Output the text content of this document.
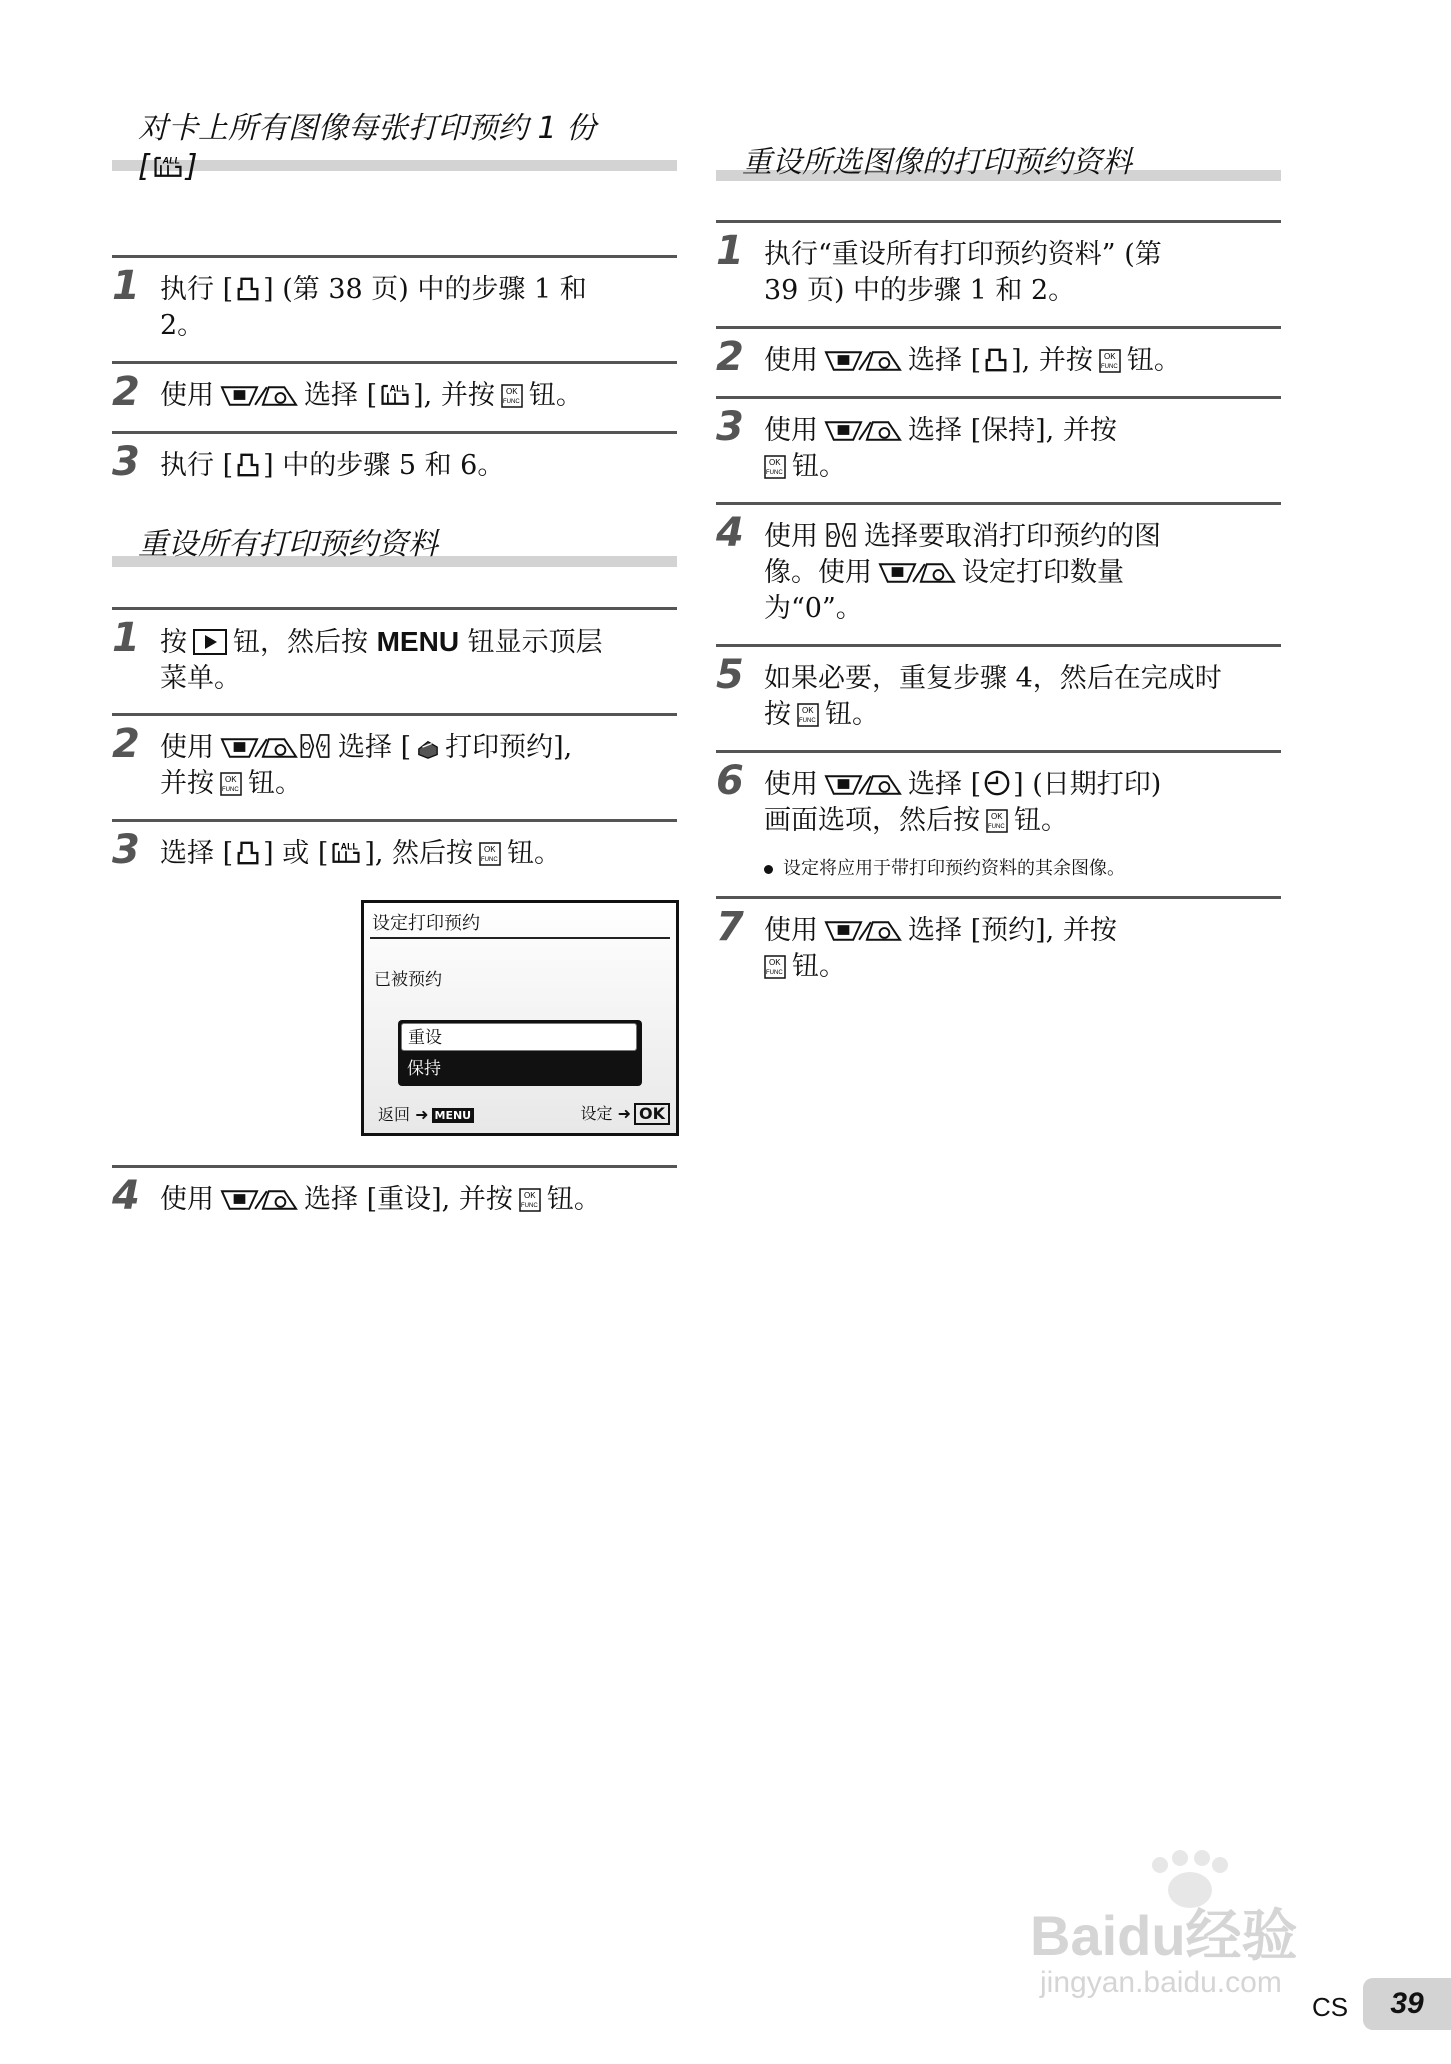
对卡上所有图像每张打印预约 1 份
[ ]
1 执行 [ ] (第 38 页) 中的步骤 1 和
2。
2 使用	选择 [ ], 并按 钮。
3 执行 [ ] 中的步骤 5 和 6。
重设所有打印预约资料
1 按 钮，然后按 MENU 钮显示顶层
菜单。
2 使用	选择 [ 打印预约],
并按 钮。
3 选择 [ ] 或 [ ], 然后按 钮。
设定打印预约
已被预约
重设
保持
返回 ➜ MENU	设定 ➜ OK
4 使用	选择 [重设], 并按 钮。
重设所选图像的打印预约资料
1 执行“重设所有打印预约资料” (第
39 页) 中的步骤 1 和 2。
2 使用	选择 [ ], 并按 钮。
3 使用	选择 [保持], 并按
钮。
4 使用 选择要取消打印预约的图
像。使用	设定打印数量
为“0”。
5 如果必要，重复步骤 4，然后在完成时
按 钮。
6 使用	选择 [ ] (日期打印)
画面选项，然后按 钮。
设定将应用于带打印预约资料的其余图像。
7 使用	选择 [预约], 并按
钮。
Baidu经验
jingyan.baidu.com
CS	39
